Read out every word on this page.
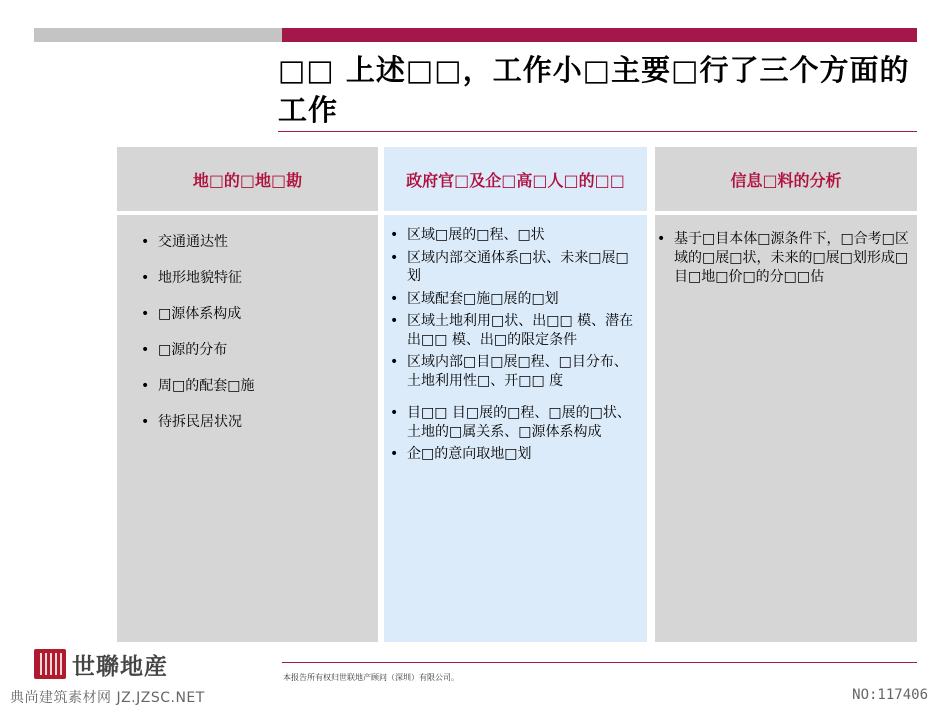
□□ 上述□□，工作小□主要□行了三个方面的工作
地□的□地□勘
• 交通通达性
• 地形地貌特征
• □源体系构成
• □源的分布
• 周□的配套□施
• 待拆民居状况
政府官□及企□高□人□的□□
• 区域□展的□程、□状
• 区域内部交通体系□状、未来□展□划
• 区域配套□施□展的□划
• 区域土地利用□状、出□□ 模、潜在出□□ 模、出□的限定条件
• 区域内部□目□展□程、□目分布、土地利用性□、开□□ 度
• 目□□ 目□展的□程、□展的□状、土地的□属关系、□源体系构成
• 企□的意向取地□划
信息□料的分析
• 基于□目本体□源条件下，□合考□区域的□展□状，未来的□展□划形成□目□地□价□的分□□估
本报告所有权归世联地产顾问（深圳）有限公司。
世聯地産
典尚建筑素材网 JZ.JZSC.NET	NO:117406
